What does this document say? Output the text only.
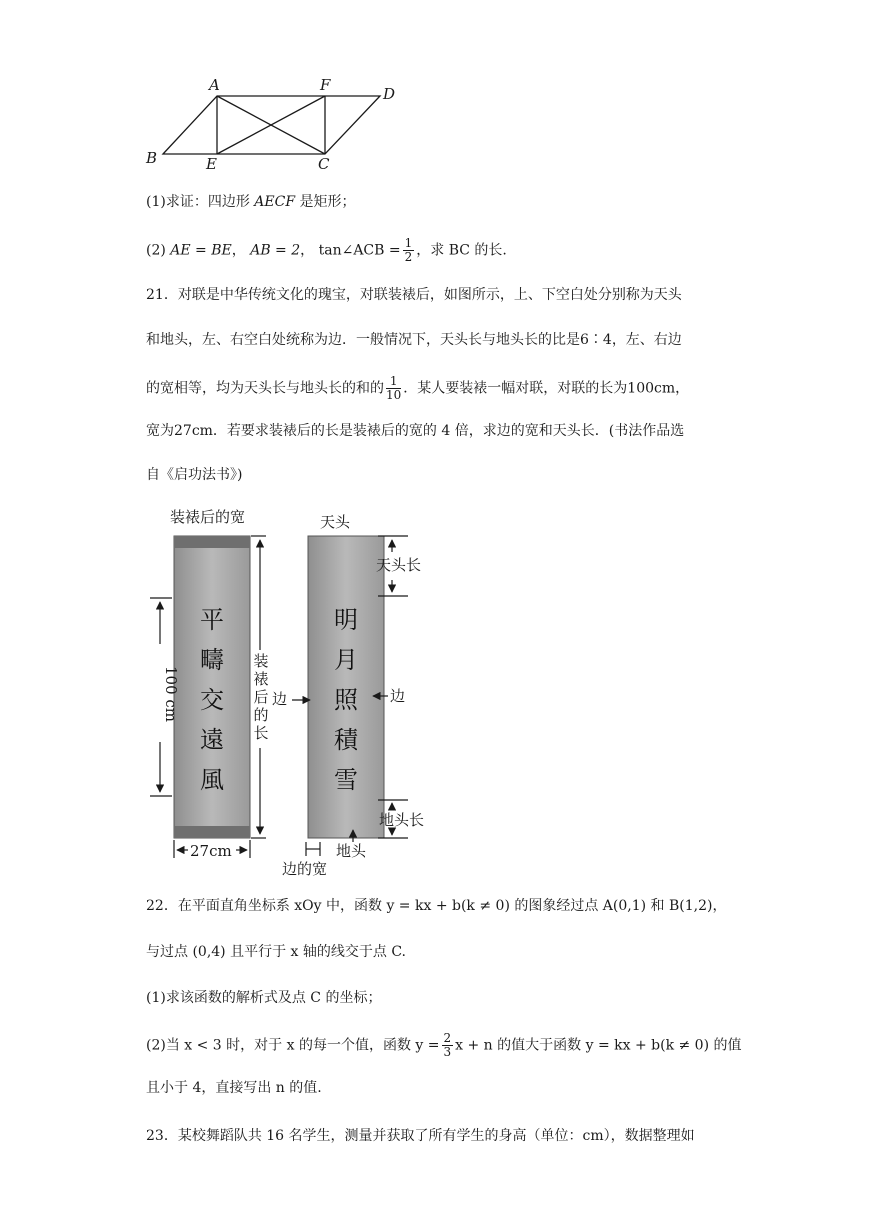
A	F	D
B	E	C
(1)求证：四边形 AECF 是矩形；
(2) AE = BE， AB = 2， tan∠ACB = $\frac{1}{2}$ ，求 BC 的长.
21．对联是中华传统文化的瑰宝，对联装裱后，如图所示，上、下空白处分别称为天头
和地头，左、右空白处统称为边．一般情况下，天头长与地头长的比是6∶4，左、右边
的宽相等，均为天头长与地头长的和的 $\frac{1}{10}$ ．某人要装裱一幅对联，对联的长为100cm，
宽为27cm．若要求装裱后的长是装裱后的宽的 4 倍，求边的宽和天头长．(书法作品选
自《启功法书》)
平
疇
交
遠
風
明
月
照
積
雪
装裱后的宽	天头
天头长
100 cm	边	边
地头长
27cm	地头
边的宽
装
裱
后
的
长
22．在平面直角坐标系 xOy 中，函数 y = kx + b(k ≠ 0) 的图象经过点 A(0,1) 和 B(1,2)，
与过点 (0,4) 且平行于 x 轴的线交于点 C.
(1)求该函数的解析式及点 C 的坐标；
(2)当 x < 3 时，对于 x 的每一个值，函数 $y = \frac{2}{3}$ x + n 的值大于函数 y = kx + b(k ≠ 0) 的值
且小于 4，直接写出 n 的值.
23．某校舞蹈队共 16 名学生，测量并获取了所有学生的身高（单位：cm），数据整理如
